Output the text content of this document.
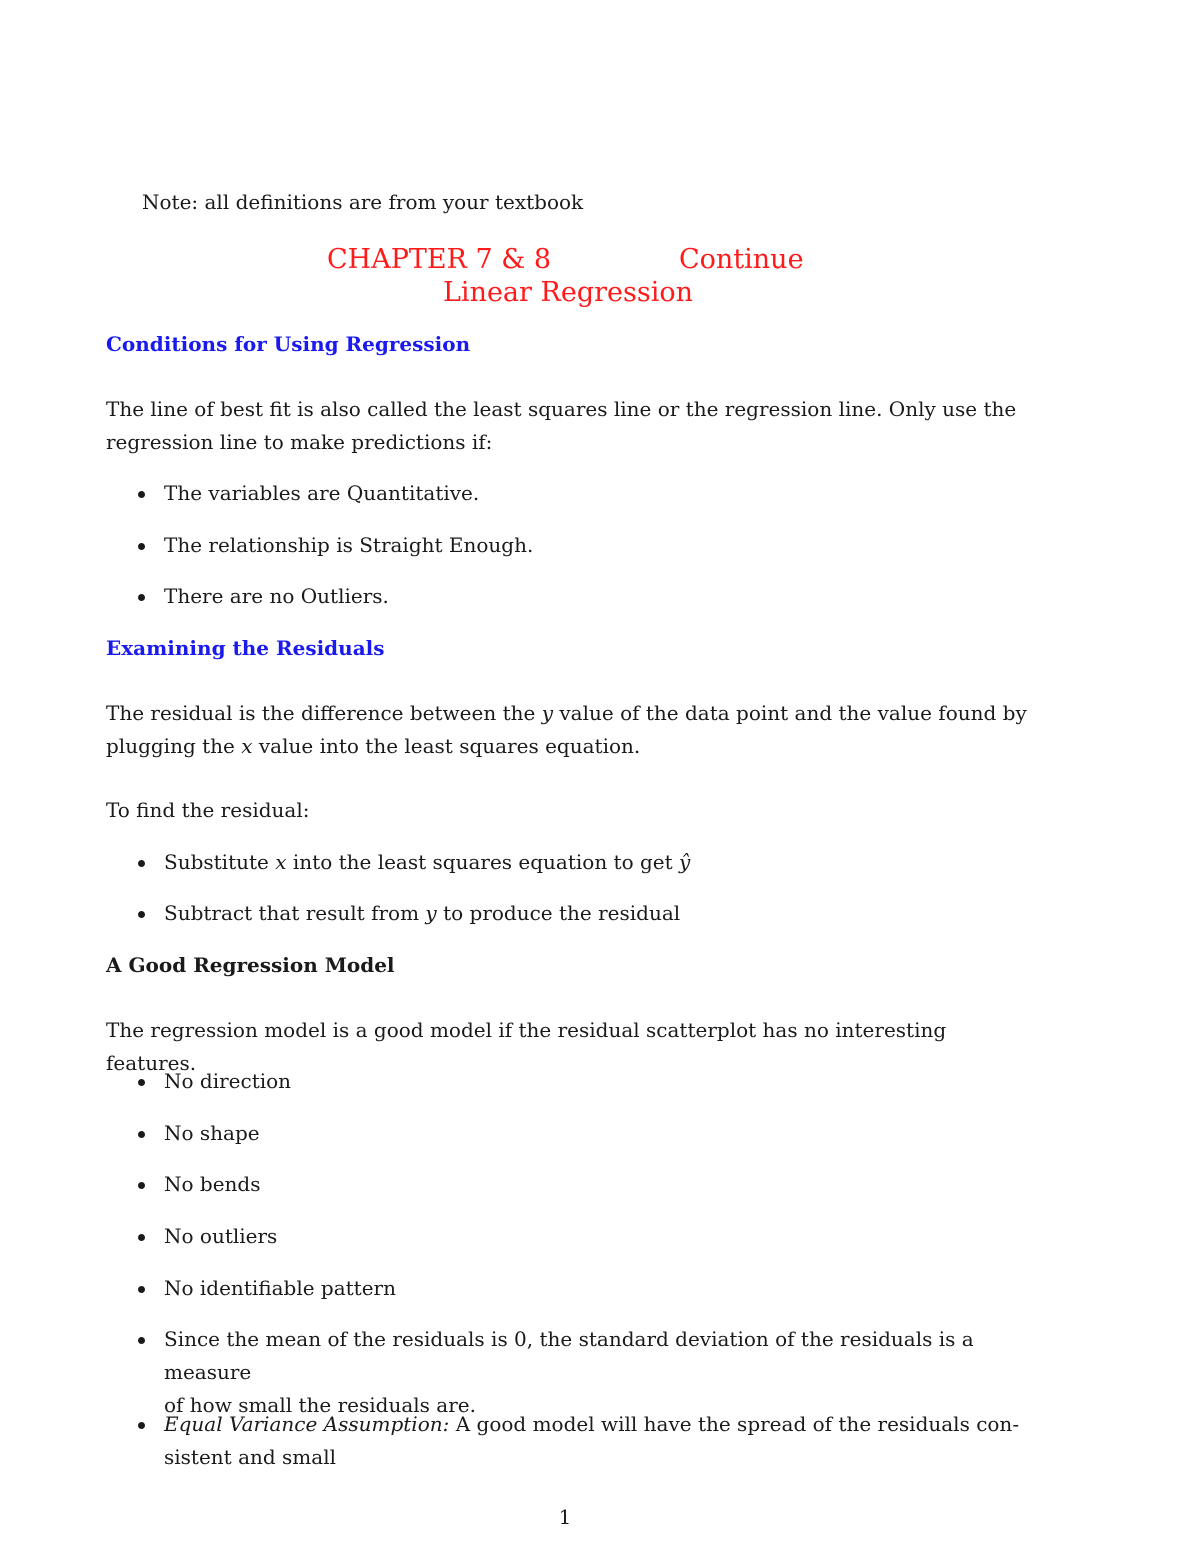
Note: all definitions are from your textbook
CHAPTER 7 & 8	Continue
Linear Regression
Conditions for Using Regression
The line of best fit is also called the least squares line or the regression line. Only use the
regression line to make predictions if:
The variables are Quantitative.
The relationship is Straight Enough.
There are no Outliers.
Examining the Residuals
The residual is the difference between the y value of the data point and the value found by
plugging the x value into the least squares equation.
To find the residual:
Substitute x into the least squares equation to get ŷ
Subtract that result from y to produce the residual
A Good Regression Model
The regression model is a good model if the residual scatterplot has no interesting features.
No direction
No shape
No bends
No outliers
No identifiable pattern
Since the mean of the residuals is 0, the standard deviation of the residuals is a measure
of how small the residuals are.
Equal Variance Assumption: A good model will have the spread of the residuals con-
sistent and small
1
